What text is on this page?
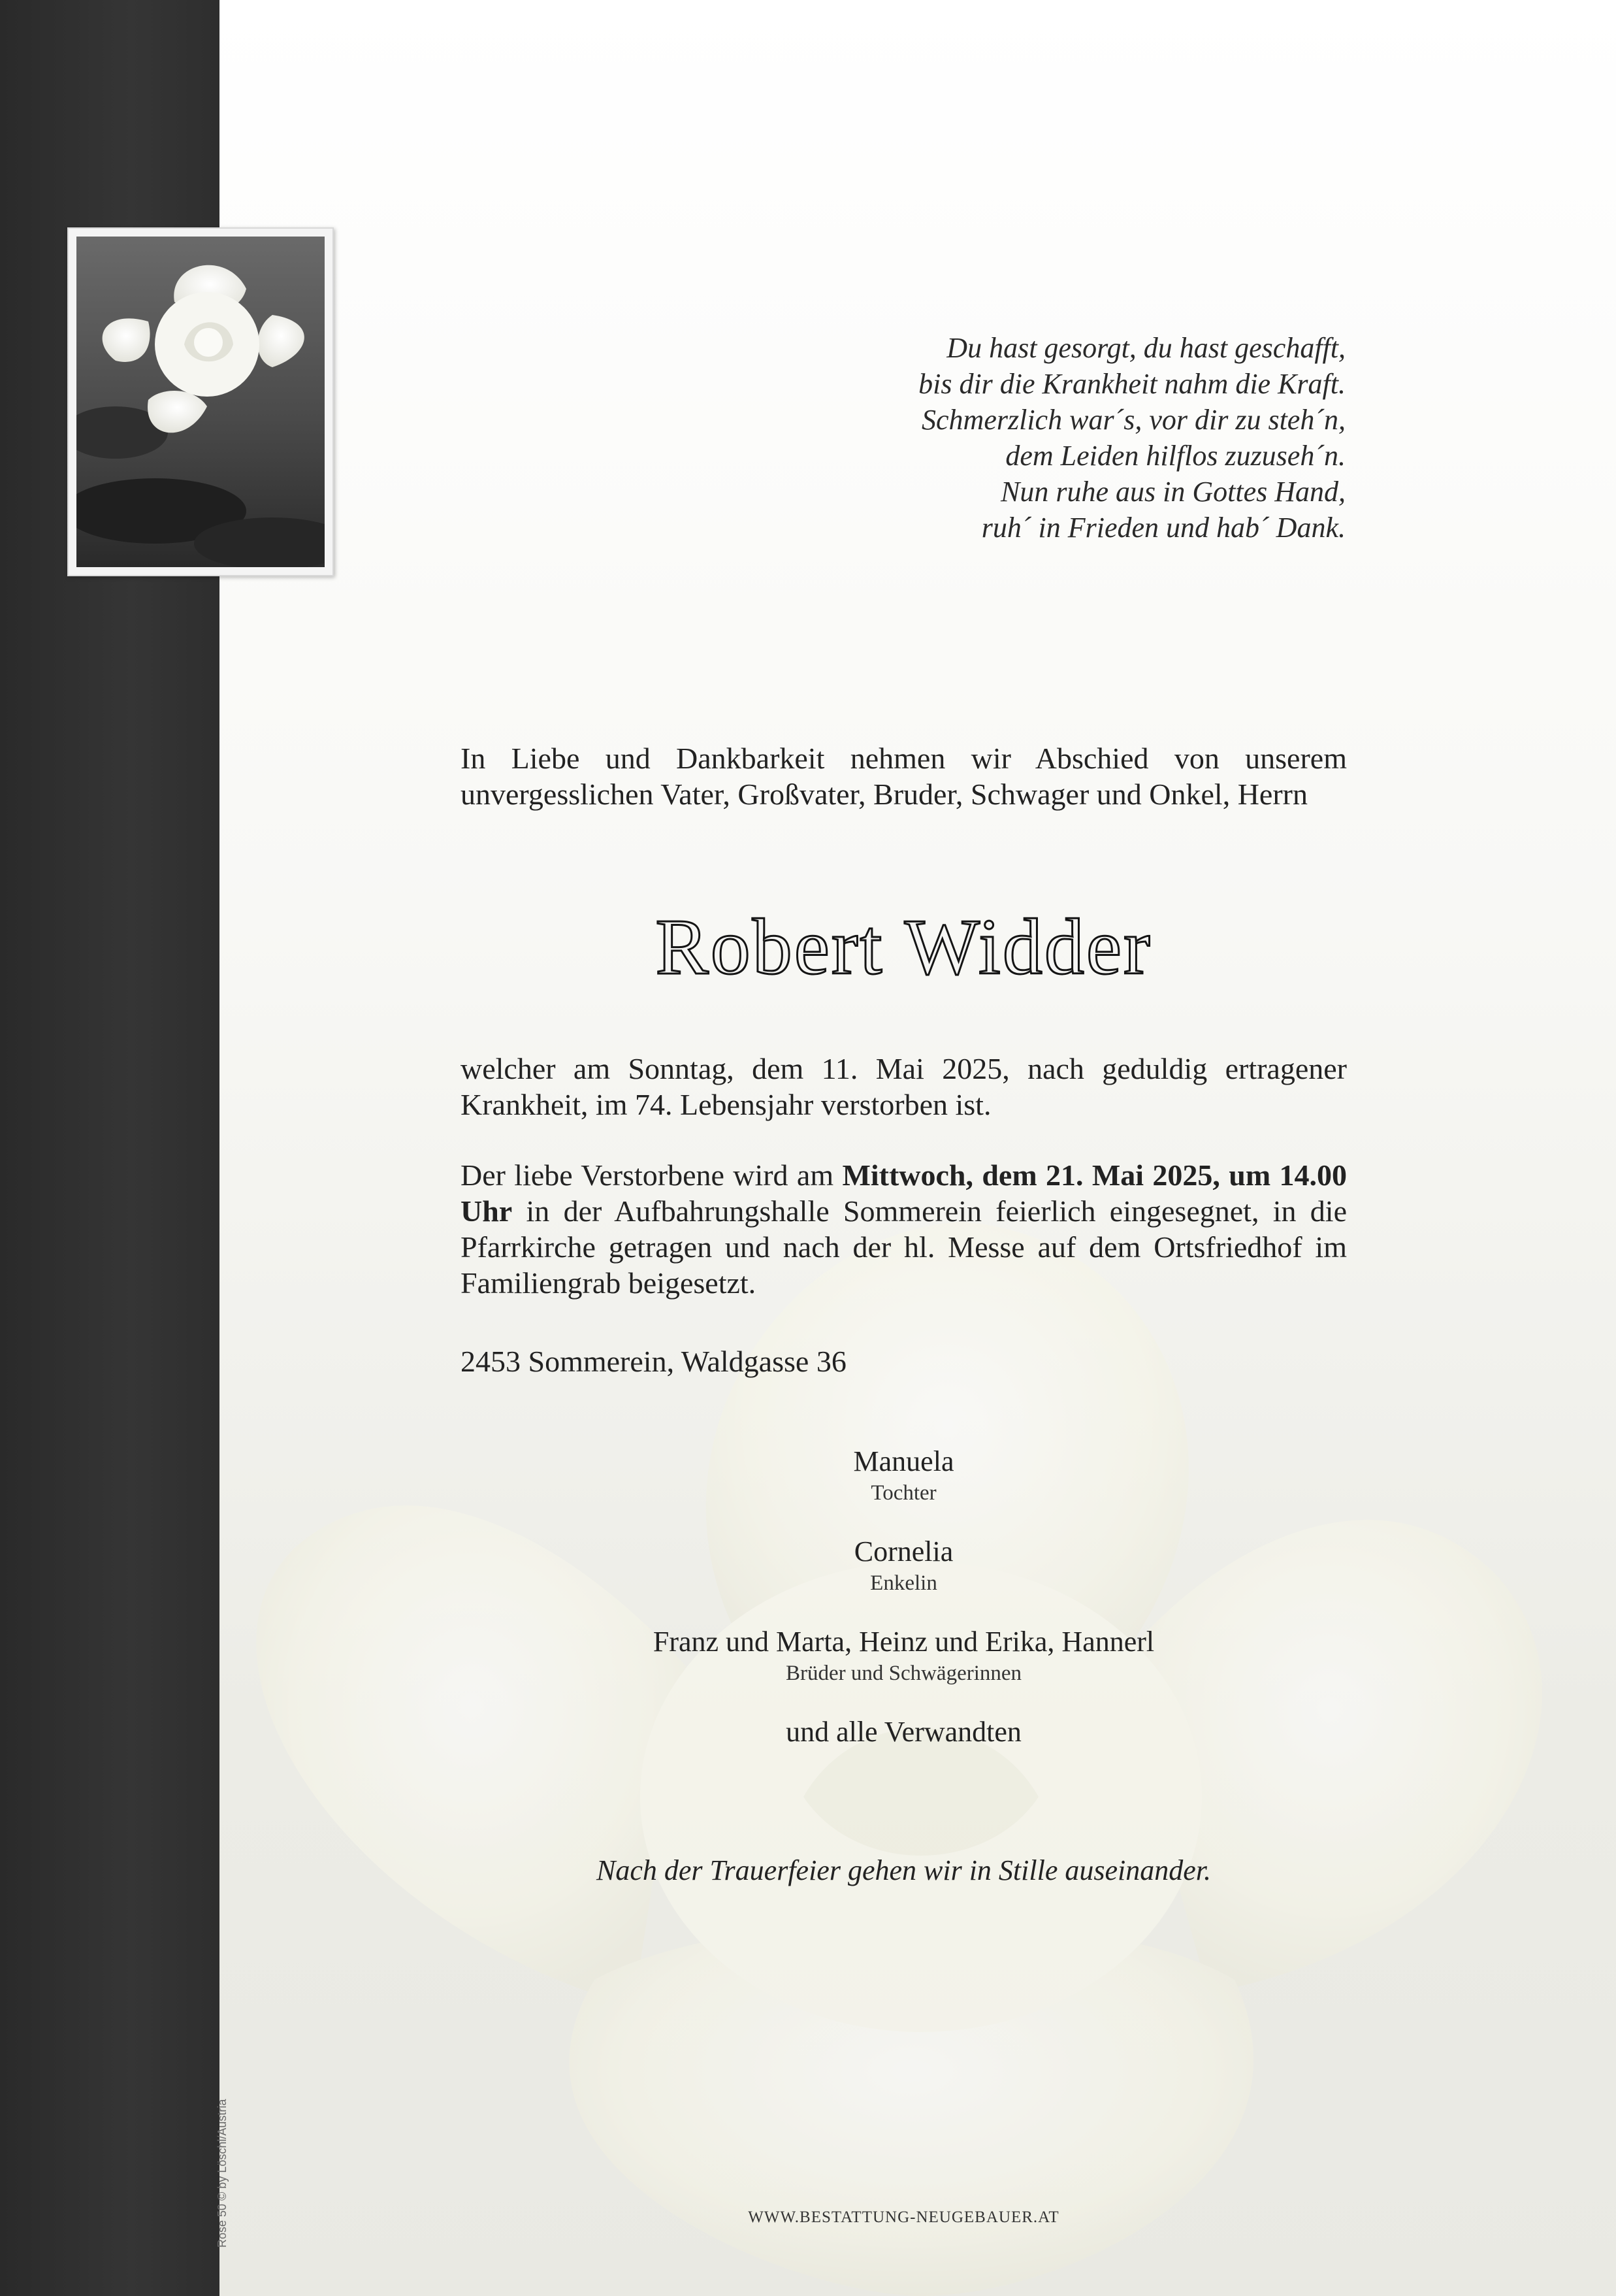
Du hast gesorgt, du hast geschafft,
bis dir die Krankheit nahm die Kraft.
Schmerzlich war´s, vor dir zu steh´n,
dem Leiden hilflos zuzuseh´n.
Nun ruhe aus in Gottes Hand,
ruh´ in Frieden und hab´ Dank.
In Liebe und Dankbarkeit nehmen wir Abschied von unserem unvergesslichen Vater, Großvater, Bruder, Schwager und Onkel, Herrn
Robert Widder
welcher am Sonntag, dem 11. Mai 2025, nach geduldig ertragener Krankheit, im 74. Lebensjahr verstorben ist.
Der liebe Verstorbene wird am Mittwoch, dem 21. Mai 2025, um 14.00 Uhr in der Aufbahrungshalle Sommerein feierlich eingesegnet, in die Pfarrkirche getragen und nach der hl. Messe auf dem Ortsfriedhof im Familiengrab beigesetzt.
2453 Sommerein, Waldgasse 36
Manuela
Tochter
Cornelia
Enkelin
Franz und Marta, Heinz und Erika, Hannerl
Brüder und Schwägerinnen
und alle Verwandten
Nach der Trauerfeier gehen wir in Stille auseinander.
WWW.BESTATTUNG-NEUGEBAUER.AT
Rose 50 © by Löschl/Austria
